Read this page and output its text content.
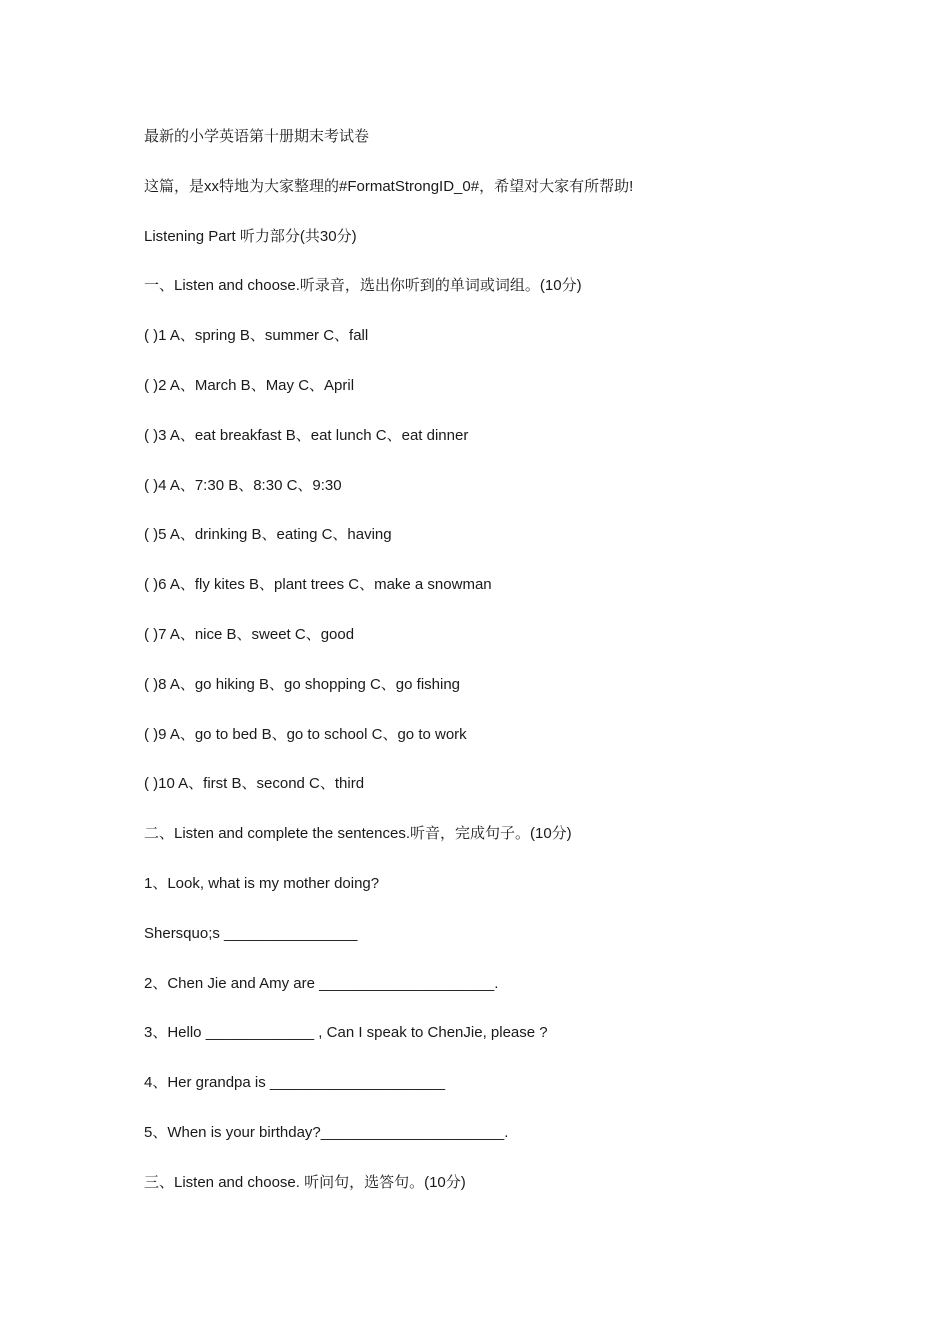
最新的小学英语第十册期末考试卷
这篇，是xx特地为大家整理的#FormatStrongID_0#，希望对大家有所帮助!
Listening Part 听力部分(共30分)
一、Listen and choose.听录音，选出你听到的单词或词组。(10分)
( )1 A、spring B、summer C、fall
( )2 A、March B、May C、April
( )3 A、eat breakfast B、eat lunch C、eat dinner
( )4 A、7:30 B、8:30 C、9:30
( )5 A、drinking B、eating C、having
( )6 A、fly kites B、plant trees C、make a snowman
( )7 A、nice B、sweet C、good
( )8 A、go hiking B、go shopping C、go fishing
( )9 A、go to bed B、go to school C、go to work
( )10 A、first B、second C、third
二、Listen and complete the sentences.听音，完成句子。(10分)
1、Look, what is my mother doing?
Shersquo;s ________________
2、Chen Jie and Amy are _____________________.
3、Hello _____________ , Can I speak to ChenJie, please ?
4、Her grandpa is _____________________
5、When is your birthday?______________________.
三、Listen and choose. 听问句，选答句。(10分)
